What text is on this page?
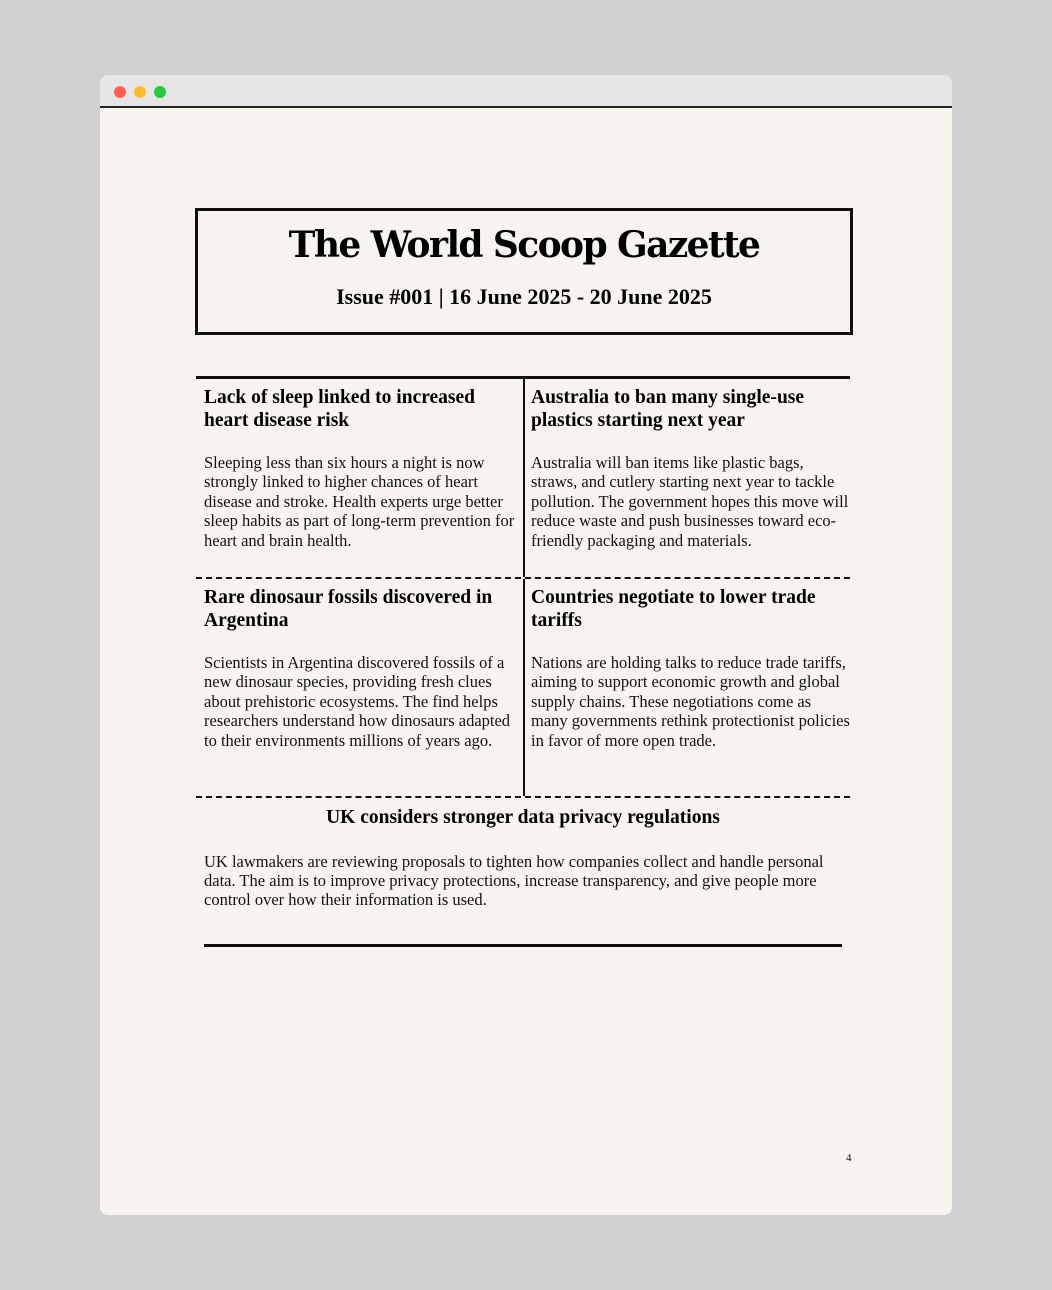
The World Scoop Gazette
Issue #001 | 16 June 2025 - 20 June 2025
Lack of sleep linked to increased heart disease risk

Sleeping less than six hours a night is now strongly linked to higher chances of heart disease and stroke. Health experts urge better sleep habits as part of long-term prevention for heart and brain health.

Australia to ban many single-use plastics starting next year

Australia will ban items like plastic bags, straws, and cutlery starting next year to tackle pollution. The government hopes this move will reduce waste and push businesses toward eco-friendly packaging and materials.

Rare dinosaur fossils discovered in Argentina

Scientists in Argentina discovered fossils of a new dinosaur species, providing fresh clues about prehistoric ecosystems. The find helps researchers understand how dinosaurs adapted to their environments millions of years ago.

Countries negotiate to lower trade tariffs

Nations are holding talks to reduce trade tariffs, aiming to support economic growth and global supply chains. These negotiations come as many governments rethink protectionist policies in favor of more open trade.

UK considers stronger data privacy regulations

UK lawmakers are reviewing proposals to tighten how companies collect and handle personal data. The aim is to improve privacy protections, increase transparency, and give people more control over how their information is used.

4
